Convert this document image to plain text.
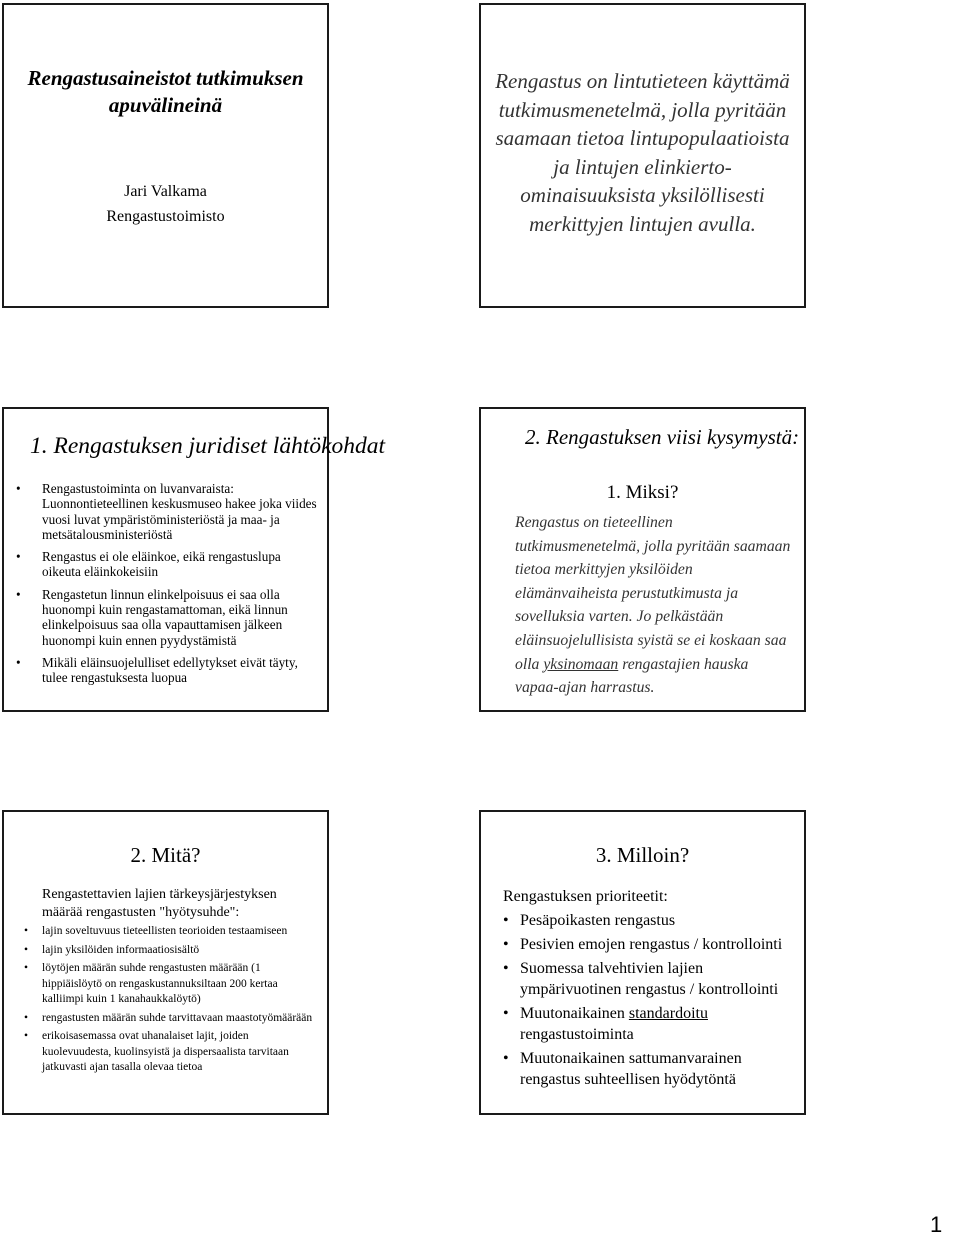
Rengastusaineistot tutkimuksen apuvälineinä
Jari Valkama
Rengastustoimisto
Rengastus on lintutieteen käyttämä tutkimusmenetelmä, jolla pyritään saamaan tietoa lintupopulaatioista ja lintujen elinkierto-ominaisuuksista yksilöllisesti merkittyjen lintujen avulla.
1. Rengastuksen juridiset lähtökohdat
• Rengastustoiminta on luvanvaraista: Luonnontieteellinen keskusmuseo hakee joka viides vuosi luvat ympäristöministeriöstä ja maa- ja metsätalousministeriöstä
• Rengastus ei ole eläinkoe, eikä rengastuslupa oikeuta eläinkokeisiin
• Rengastetun linnun elinkelpoisuus ei saa olla huonompi kuin rengastamattoman, eikä linnun elinkelpoisuus saa olla vapauttamisen jälkeen huonompi kuin ennen pyydystämistä
• Mikäli eläinsuojelulliset edellytykset eivät täyty, tulee rengastuksesta luopua
2. Rengastuksen viisi kysymystä:
1. Miksi?
Rengastus on tieteellinen tutkimusmenetelmä, jolla pyritään saamaan tietoa merkittyjen yksilöiden elämänvaiheista perustutkimusta ja sovelluksia varten. Jo pelkästään eläinsuojelullisista syistä se ei koskaan saa olla yksinomaan rengastajien hauska vapaa-ajan harrastus.
2. Mitä?
Rengastettavien lajien tärkeysjärjestyksen määrää rengastusten "hyötysuhde":
• lajin soveltuvuus tieteellisten teorioiden testaamiseen
• lajin yksilöiden informaatiosisältö
• löytöjen määrän suhde rengastusten määrään (1 hippiäislöytö on rengaskustannuksiltaan 200 kertaa kalliimpi kuin 1 kanahaukkalöytö)
• rengastusten määrän suhde tarvittavaan maastotyömäärään
• erikoisasemassa ovat uhanalaiset lajit, joiden kuolevuudesta, kuolinsyistä ja dispersaalista tarvitaan jatkuvasti ajan tasalla olevaa tietoa
3. Milloin?
Rengastuksen prioriteetit:
• Pesäpoikasten rengastus
• Pesivien emojen rengastus / kontrollointi
• Suomessa talvehtivien lajien ympärivuotinen rengastus / kontrollointi
• Muutonaikainen standardoitu rengastustoiminta
• Muutonaikainen sattumanvarainen rengastus suhteellisen hyödytöntä
1
